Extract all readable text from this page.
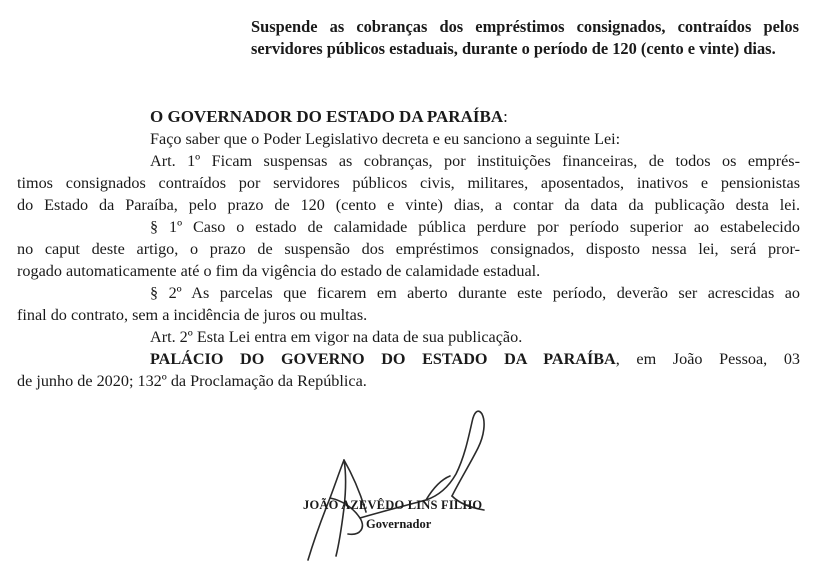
Suspende as cobranças dos empréstimos consignados, contraídos pelos servidores públicos estaduais, durante o período de 120 (cento e vinte) dias.

O GOVERNADOR DO ESTADO DA PARAÍBA:

Faço saber que o Poder Legislativo decreta e eu sanciono a seguinte Lei:

Art. 1º Ficam suspensas as cobranças, por instituições financeiras, de todos os emprés-

timos consignados contraídos por servidores públicos civis, militares, aposentados, inativos e pensionistas

do Estado da Paraíba, pelo prazo de 120 (cento e vinte) dias, a contar da data da publicação desta lei.

§ 1º Caso o estado de calamidade pública perdure por período superior ao estabelecido

no caput deste artigo, o prazo de suspensão dos empréstimos consignados, disposto nessa lei, será pror-

rogado automaticamente até o fim da vigência do estado de calamidade estadual.

§ 2º As parcelas que ficarem em aberto durante este período, deverão ser acrescidas ao

final do contrato, sem a incidência de juros ou multas.

Art. 2º Esta Lei entra em vigor na data de sua publicação.

PALÁCIO DO GOVERNO DO ESTADO DA PARAÍBA, em João Pessoa, 03

de junho de 2020; 132º da Proclamação da República.

JOÃO AZEVÊDO LINS FILHO
Governador
